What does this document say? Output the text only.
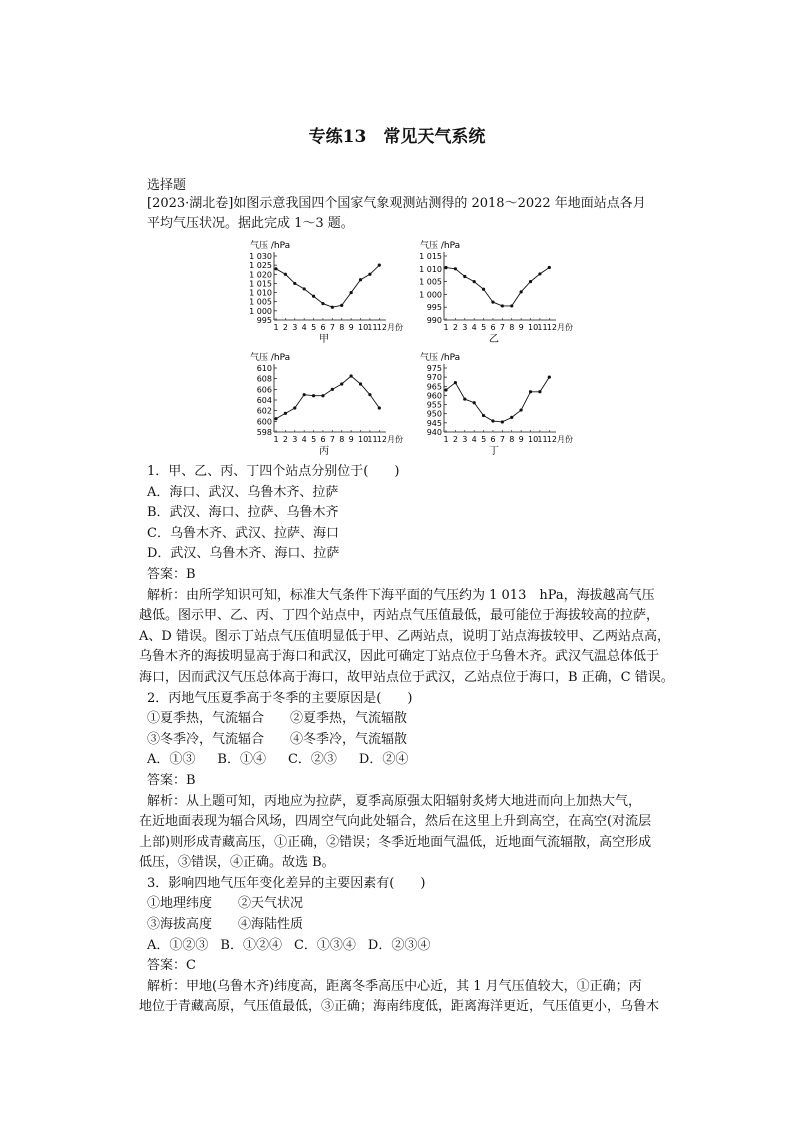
专练13　常见天气系统
选择题

[2023·湖北卷]如图示意我国四个国家气象观测站测得的 2018～2022 年地面站点各月

平均气压状况。据此完成 1～3 题。

气压 /hPa
1 030
1 025
1 020
1 015
1 010
1 005
1 000
995
1 2 3 4 5 6 7 8 9 10 11 12月份
甲
气压 /hPa
1 015
1 010
1 005
1 000
995
990
1 2 3 4 5 6 7 8 9 10 11 12月份
乙
气压 /hPa
610
608
606
604
602
600
598
1 2 3 4 5 6 7 8 9 10 11 12月份
丙
气压 /hPa
975
970
965
960
955
950
945
940
1 2 3 4 5 6 7 8 9 10 11 12月份
丁

1．甲、乙、丙、丁四个站点分别位于(　　)

A．海口、武汉、乌鲁木齐、拉萨

B．武汉、海口、拉萨、乌鲁木齐

C．乌鲁木齐、武汉、拉萨、海口

D．武汉、乌鲁木齐、海口、拉萨

答案：B

解析：由所学知识可知，标准大气条件下海平面的气压约为 1 013　hPa，海拔越高气压

越低。图示甲、乙、丙、丁四个站点中，丙站点气压值最低，最可能位于海拔较高的拉萨，

A、D 错误。图示丁站点气压值明显低于甲、乙两站点，说明丁站点海拔较甲、乙两站点高，

乌鲁木齐的海拔明显高于海口和武汉，因此可确定丁站点位于乌鲁木齐。武汉气温总体低于

海口，因而武汉气压总体高于海口，故甲站点位于武汉，乙站点位于海口，B 正确，C 错误。

2．丙地气压夏季高于冬季的主要原因是(　　)

①夏季热，气流辐合 ②夏季热，气流辐散

③冬季冷，气流辐合 ④冬季冷，气流辐散

A．①③ B．①④ C．②③ D．②④

答案：B

解析：从上题可知，丙地应为拉萨，夏季高原强太阳辐射炙烤大地进而向上加热大气，

在近地面表现为辐合风场，四周空气向此处辐合，然后在这里上升到高空，在高空(对流层

上部)则形成青藏高压，①正确，②错误；冬季近地面气温低，近地面气流辐散，高空形成

低压，③错误，④正确。故选 B。

3．影响四地气压年变化差异的主要因素有(　　)

①地理纬度 ②天气状况

③海拔高度 ④海陆性质

A．①②③ B．①②④ C．①③④ D．②③④

答案：C

解析：甲地(乌鲁木齐)纬度高，距离冬季高压中心近，其 1 月气压值较大，①正确；丙

地位于青藏高原，气压值最低，③正确；海南纬度低，距离海洋更近，气压值更小，乌鲁木
